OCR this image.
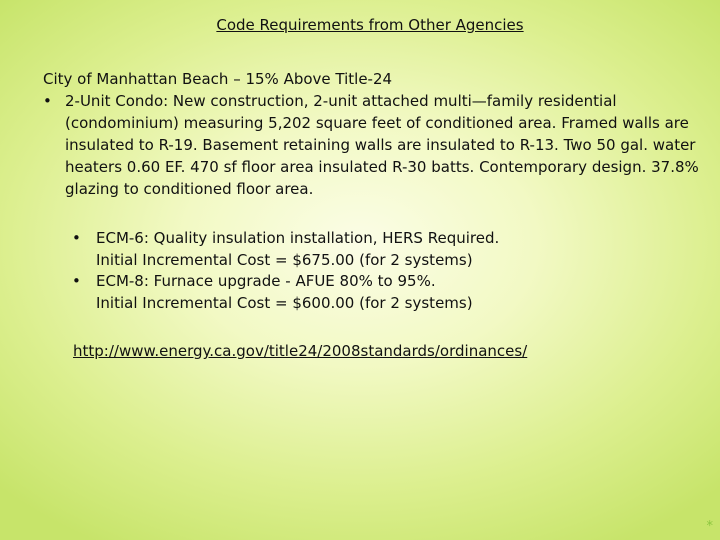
Code Requirements from Other Agencies
City of Manhattan Beach – 15% Above Title-24
• 2-Unit Condo: New construction, 2-unit attached multi—family residential (condominium) measuring 5,202 square feet of conditioned area. Framed walls are insulated to R-19. Basement retaining walls are insulated to R-13. Two 50 gal. water heaters 0.60 EF. 470 sf floor area insulated R-30 batts. Contemporary design. 37.8% glazing to conditioned floor area.
• ECM-6: Quality insulation installation, HERS Required.
Initial Incremental Cost = $675.00 (for 2 systems)
• ECM-8: Furnace upgrade - AFUE 80% to 95%.
Initial Incremental Cost = $600.00 (for 2 systems)
http://www.energy.ca.gov/title24/2008standards/ordinances/
*
